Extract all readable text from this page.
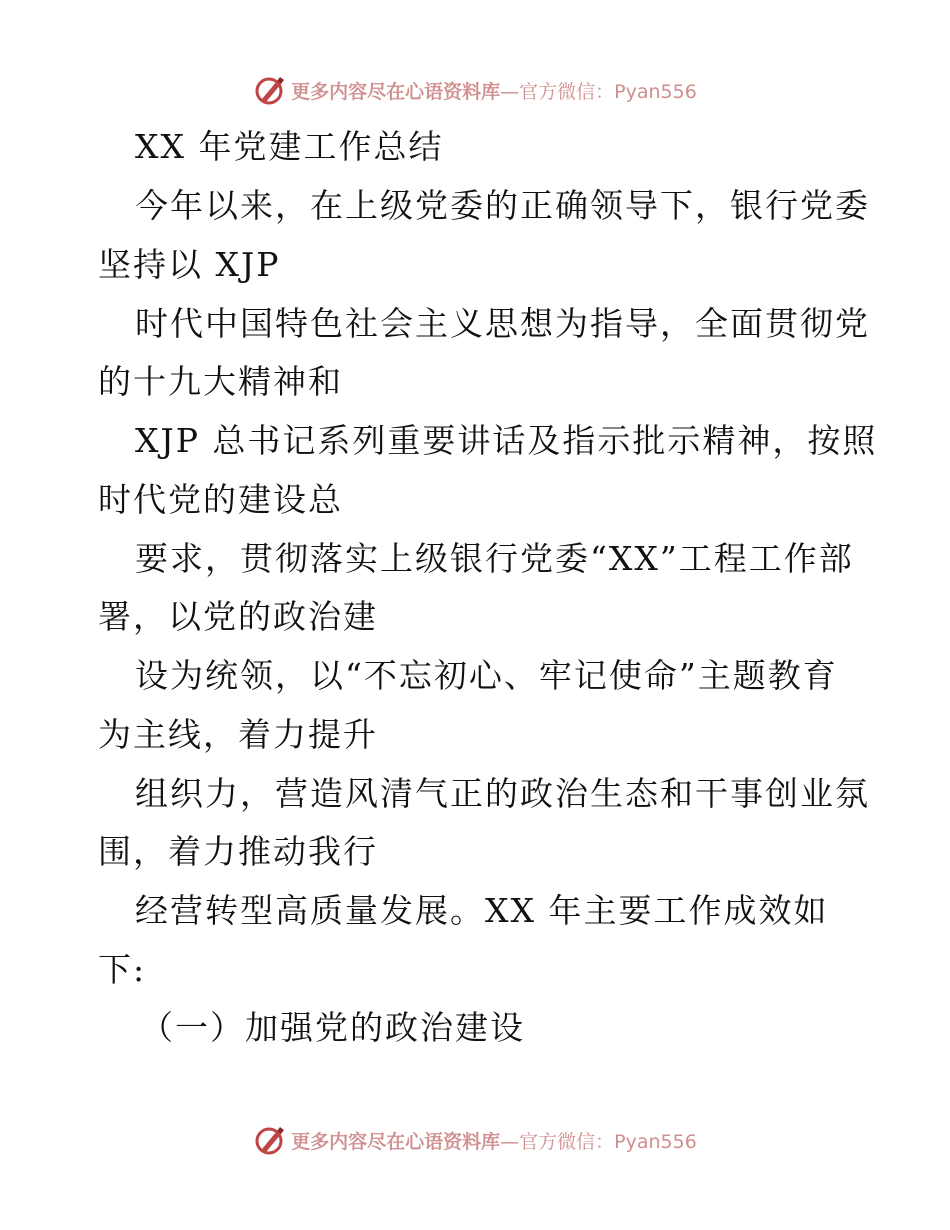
更多内容尽在心语资料库 —官方微信：Pyan556
XX 年党建工作总结
今年以来，在上级党委的正确领导下，银行党委
坚持以 XJP
时代中国特色社会主义思想为指导，全面贯彻党
的十九大精神和
XJP 总书记系列重要讲话及指示批示精神，按照
时代党的建设总
要求，贯彻落实上级银行党委“XX”工程工作部
署，以党的政治建
设为统领，以“不忘初心、牢记使命”主题教育
为主线，着力提升
组织力，营造风清气正的政治生态和干事创业氛
围，着力推动我行
经营转型高质量发展。XX 年主要工作成效如
下:
（一）加强党的政治建设
更多内容尽在心语资料库 —官方微信：Pyan556
